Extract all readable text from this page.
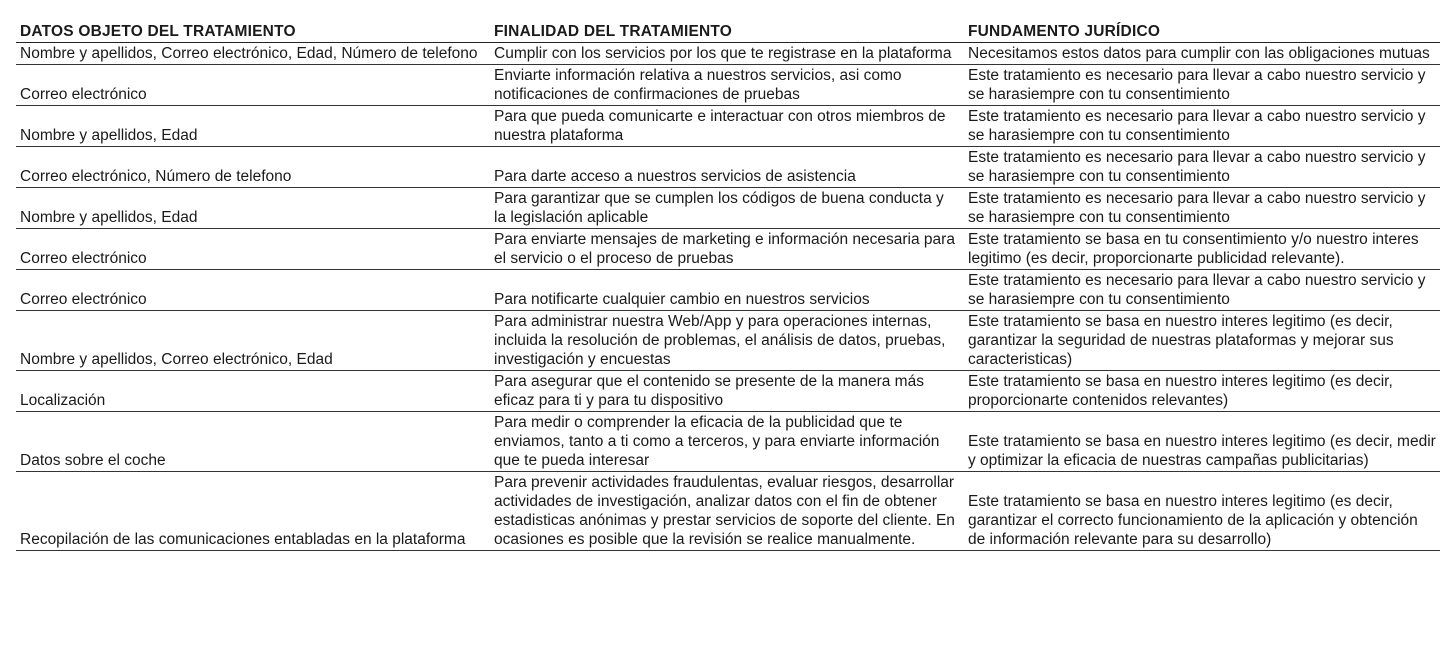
DATOS OBJETO DEL TRATAMIENTO	FINALIDAD DEL TRATAMIENTO	FUNDAMENTO JURÍDICO
Nombre y apellidos, Correo electrónico, Edad, Número de telefono	Cumplir con los servicios por los que te registrase en la plataforma	Necesitamos estos datos para cumplir con las obligaciones mutuas
Correo electrónico	Enviarte información relativa a nuestros servicios, asi como notificaciones de confirmaciones de pruebas	Este tratamiento es necesario para llevar a cabo nuestro servicio y se harasiempre con tu consentimiento
Nombre y apellidos, Edad	Para que pueda comunicarte e interactuar con otros miembros de nuestra plataforma	Este tratamiento es necesario para llevar a cabo nuestro servicio y se harasiempre con tu consentimiento
Correo electrónico, Número de telefono	Para darte acceso a nuestros servicios de asistencia	Este tratamiento es necesario para llevar a cabo nuestro servicio y se harasiempre con tu consentimiento
Nombre y apellidos, Edad	Para garantizar que se cumplen los códigos de buena conducta y la legislación aplicable	Este tratamiento es necesario para llevar a cabo nuestro servicio y se harasiempre con tu consentimiento
Correo electrónico	Para enviarte mensajes de marketing e información necesaria para el servicio o el proceso de pruebas	Este tratamiento se basa en tu consentimiento y/o nuestro interes legitimo (es decir, proporcionarte publicidad relevante).
Correo electrónico	Para notificarte cualquier cambio en nuestros servicios	Este tratamiento es necesario para llevar a cabo nuestro servicio y se harasiempre con tu consentimiento
Nombre y apellidos, Correo electrónico, Edad	Para administrar nuestra Web/App y para operaciones internas, incluida la resolución de problemas, el análisis de datos, pruebas, investigación y encuestas	Este tratamiento se basa en nuestro interes legitimo (es decir, garantizar la seguridad de nuestras plataformas y mejorar sus caracteristicas)
Localización	Para asegurar que el contenido se presente de la manera más eficaz para ti y para tu dispositivo	Este tratamiento se basa en nuestro interes legitimo (es decir, proporcionarte contenidos relevantes)
Datos sobre el coche	Para medir o comprender la eficacia de la publicidad que te enviamos, tanto a ti como a terceros, y para enviarte información que te pueda interesar	Este tratamiento se basa en nuestro interes legitimo (es decir, medir y optimizar la eficacia de nuestras campañas publicitarias)
Recopilación de las comunicaciones entabladas en la plataforma	Para prevenir actividades fraudulentas, evaluar riesgos, desarrollar actividades de investigación, analizar datos con el fin de obtener estadisticas anónimas y prestar servicios de soporte del cliente. En ocasiones es posible que la revisión se realice manualmente.	Este tratamiento se basa en nuestro interes legitimo (es decir, garantizar el correcto funcionamiento de la aplicación y obtención de información relevante para su desarrollo)
